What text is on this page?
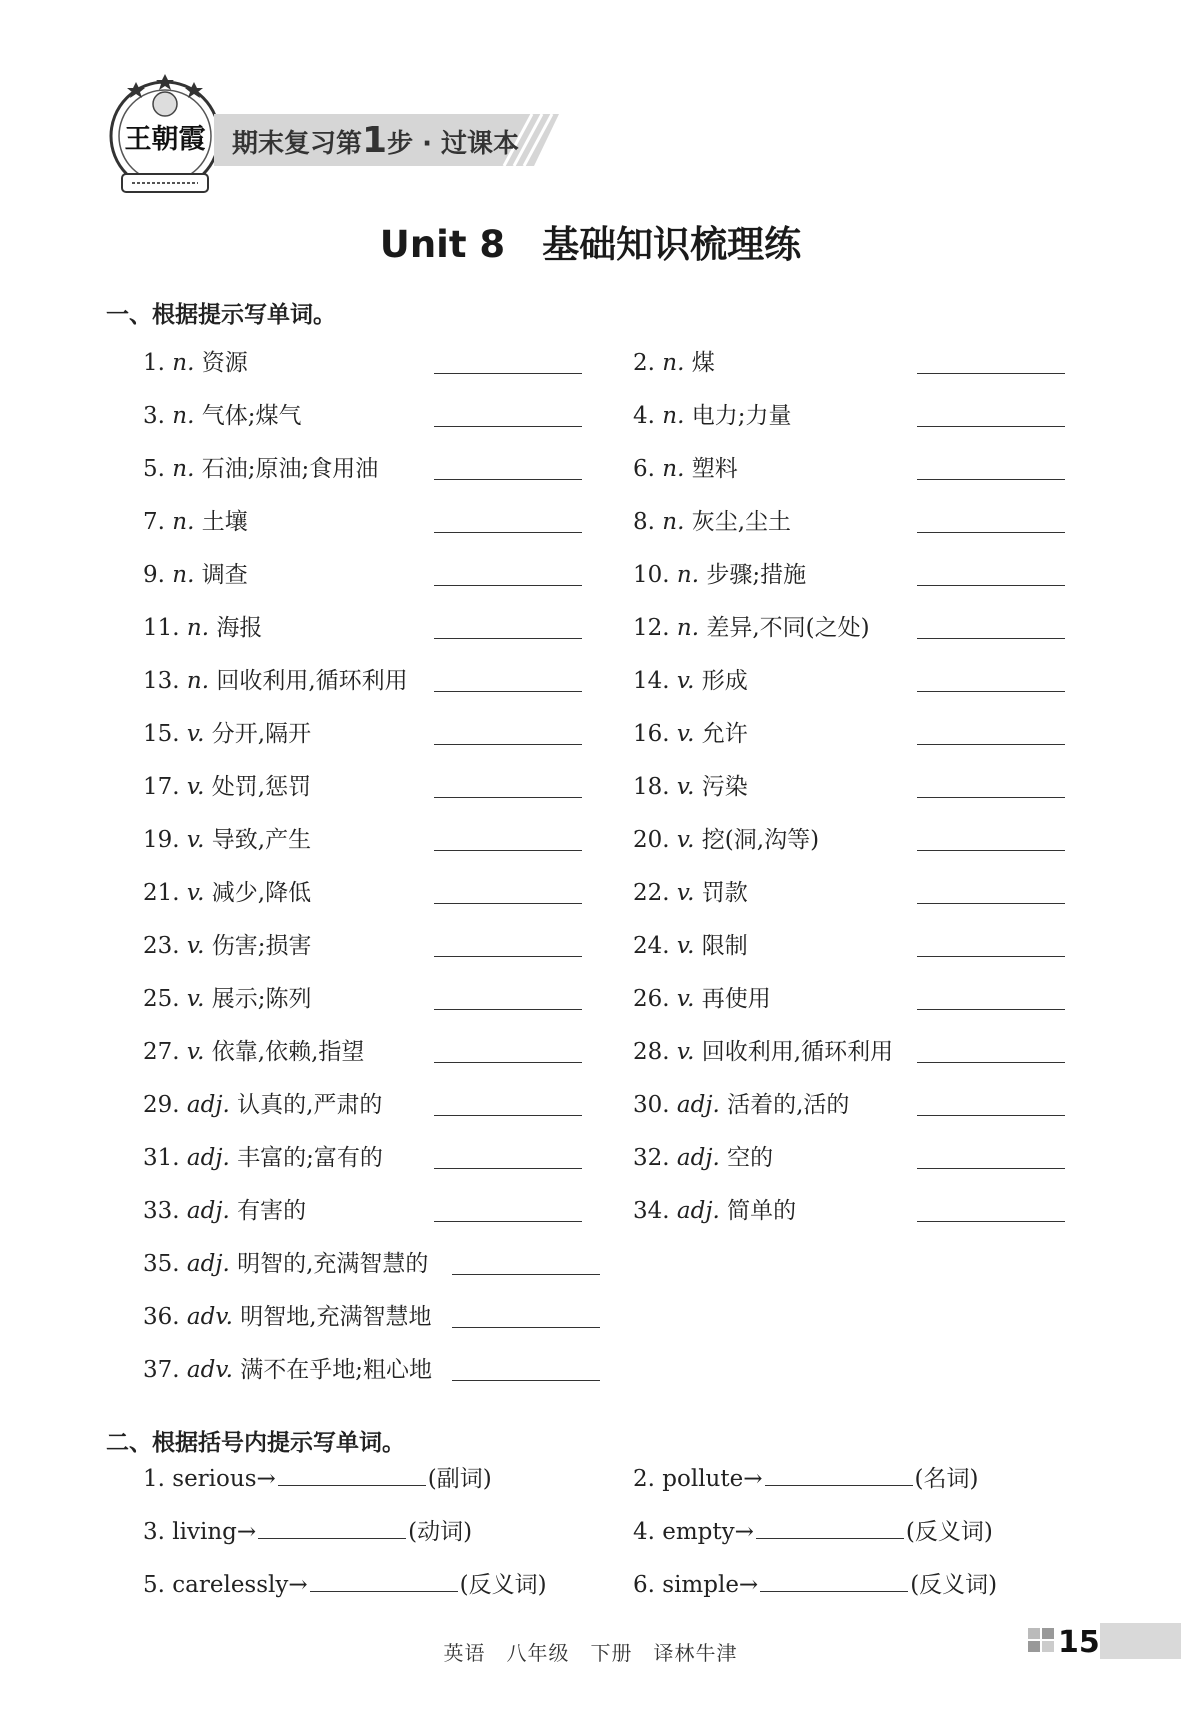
王朝霞 期末复习第1步 · 过课本
Unit 8　基础知识梳理练
一、根据提示写单词。
1. n. 资源	2. n. 煤
3. n. 气体;煤气	4. n. 电力;力量
5. n. 石油;原油;食用油	6. n. 塑料
7. n. 土壤	8. n. 灰尘,尘土
9. n. 调查	10. n. 步骤;措施
11. n. 海报	12. n. 差异,不同(之处)
13. n. 回收利用,循环利用	14. v. 形成
15. v. 分开,隔开	16. v. 允许
17. v. 处罚,惩罚	18. v. 污染
19. v. 导致,产生	20. v. 挖(洞,沟等)
21. v. 减少,降低	22. v. 罚款
23. v. 伤害;损害	24. v. 限制
25. v. 展示;陈列	26. v. 再使用
27. v. 依靠,依赖,指望	28. v. 回收利用,循环利用
29. adj. 认真的,严肃的	30. adj. 活着的,活的
31. adj. 丰富的;富有的	32. adj. 空的
33. adj. 有害的	34. adj. 简单的
35. adj. 明智的,充满智慧的
36. adv. 明智地,充满智慧地
37. adv. 满不在乎地;粗心地
二、根据括号内提示写单词。
1. serious→	(副词)	2. pollute→	(名词)
3. living→	(动词)	4. empty→	(反义词)
5. carelessly→	(反义词)	6. simple→	(反义词)
英语　八年级　下册　译林牛津	15
